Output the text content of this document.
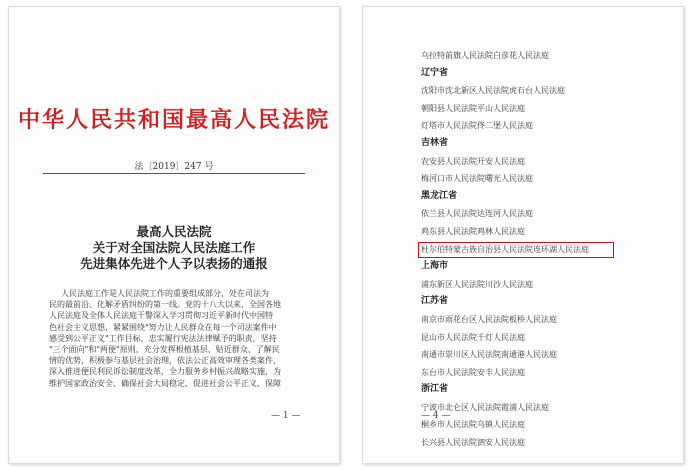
中华人民共和国最高人民法院
法〔2019〕247 号
最高人民法院
关于对全国法院人民法庭工作
先进集体先进个人予以表扬的通报
人民法庭工作是人民法院工作的重要组成部分，处在司法为
民的最前沿、化解矛盾纠纷的第一线。党的十八大以来，全国各地
人民法庭及全体人民法庭干警深入学习贯彻习近平新时代中国特
色社会主义思想，紧紧围绕"努力让人民群众在每一个司法案件中
感受到公平正义"工作目标，忠实履行宪法法律赋予的职责，坚持
"三个面向"和"两便"原则，充分发挥根植基层、贴近群众、了解民
情的优势，积极参与基层社会治理，依法公正高效审理各类案件，
深入推进便民利民诉讼制度改革，全力服务乡村振兴战略实施，为
维护国家政治安全、确保社会大局稳定、促进社会公平正义、保障
— 1 —
乌拉特前旗人民法院白彦花人民法庭
辽宁省
沈阳市沈北新区人民法院虎石台人民法庭
朝阳县人民法院平山人民法庭
灯塔市人民法院佟二堡人民法庭
吉林省
农安县人民法院开安人民法庭
梅河口市人民法院曙光人民法庭
黑龙江省
依兰县人民法院达连河人民法庭
鸡东县人民法院鸡林人民法庭
杜尔伯特蒙古族自治县人民法院连环湖人民法庭
上海市
浦东新区人民法院川沙人民法庭
江苏省
南京市雨花台区人民法院板桥人民法庭
昆山市人民法院千灯人民法庭
南通市崇川区人民法院南通港人民法庭
东台市人民法院安丰人民法庭
浙江省
宁波市北仑区人民法院霞浦人民法庭
桐乡市人民法院乌镇人民法庭
长兴县人民法院泗安人民法庭
— 4 —
